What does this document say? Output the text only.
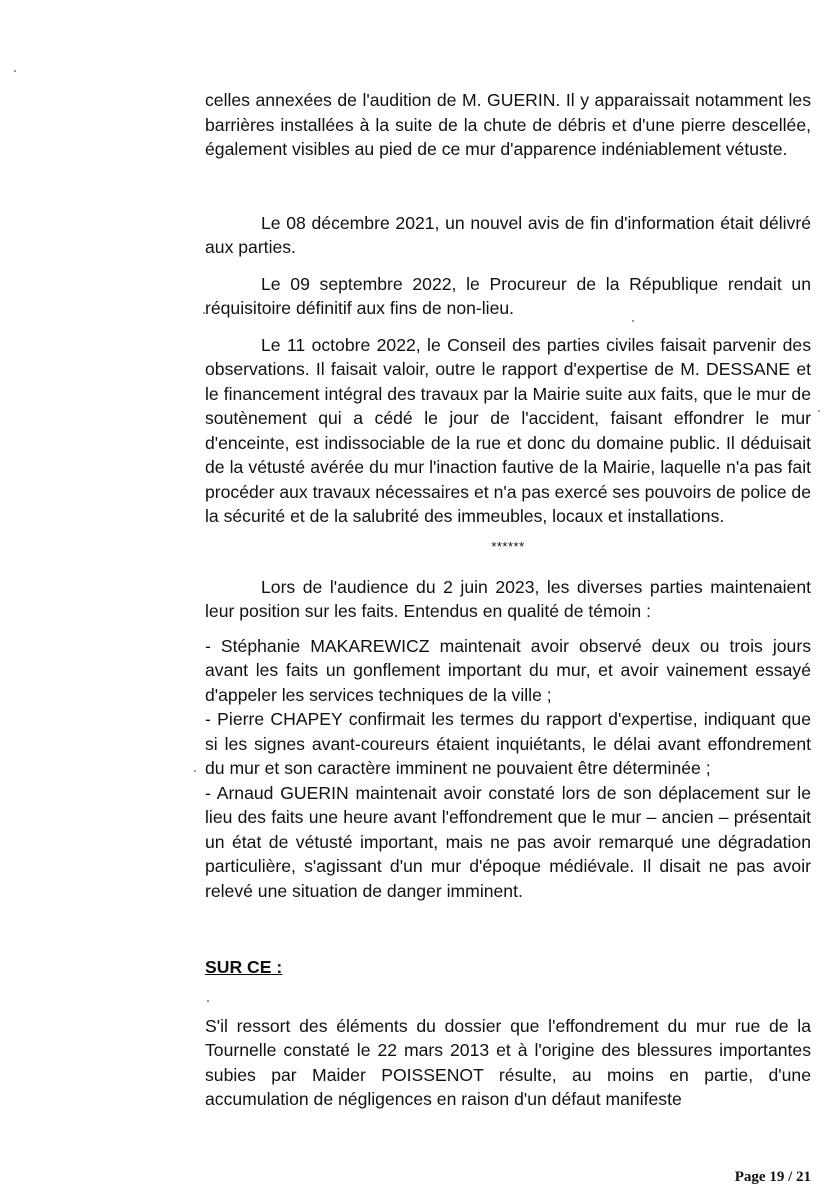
celles annexées de l'audition de M. GUERIN. Il y apparaissait notamment les barrières installées à la suite de la chute de débris et d'une pierre descellée, également visibles au pied de ce mur d'apparence indéniablement vétuste.

Le 08 décembre 2021, un nouvel avis de fin d'information était délivré aux parties.

Le 09 septembre 2022, le Procureur de la République rendait un réquisitoire définitif aux fins de non-lieu.

Le 11 octobre 2022, le Conseil des parties civiles faisait parvenir des observations. Il faisait valoir, outre le rapport d'expertise de M. DESSANE et le financement intégral des travaux par la Mairie suite aux faits, que le mur de soutènement qui a cédé le jour de l'accident, faisant effondrer le mur d'enceinte, est indissociable de la rue et donc du domaine public. Il déduisait de la vétusté avérée du mur l'inaction fautive de la Mairie, laquelle n'a pas fait procéder aux travaux nécessaires et n'a pas exercé ses pouvoirs de police de la sécurité et de la salubrité des immeubles, locaux et installations.

******

Lors de l'audience du 2 juin 2023, les diverses parties maintenaient leur position sur les faits. Entendus en qualité de témoin :

- Stéphanie MAKAREWICZ maintenait avoir observé deux ou trois jours avant les faits un gonflement important du mur, et avoir vainement essayé d'appeler les services techniques de la ville ;

- Pierre CHAPEY confirmait les termes du rapport d'expertise, indiquant que si les signes avant-coureurs étaient inquiétants, le délai avant effondrement du mur et son caractère imminent ne pouvaient être déterminée ;

- Arnaud GUERIN maintenait avoir constaté lors de son déplacement sur le lieu des faits une heure avant l'effondrement que le mur – ancien – présentait un état de vétusté important, mais ne pas avoir remarqué une dégradation particulière, s'agissant d'un mur d'époque médiévale. Il disait ne pas avoir relevé une situation de danger imminent.

SUR CE :

S'il ressort des éléments du dossier que l'effondrement du mur rue de la Tournelle constaté le 22 mars 2013 et à l'origine des blessures importantes subies par Maider POISSENOT résulte, au moins en partie, d'une accumulation de négligences en raison d'un défaut manifeste

Page 19 / 21
